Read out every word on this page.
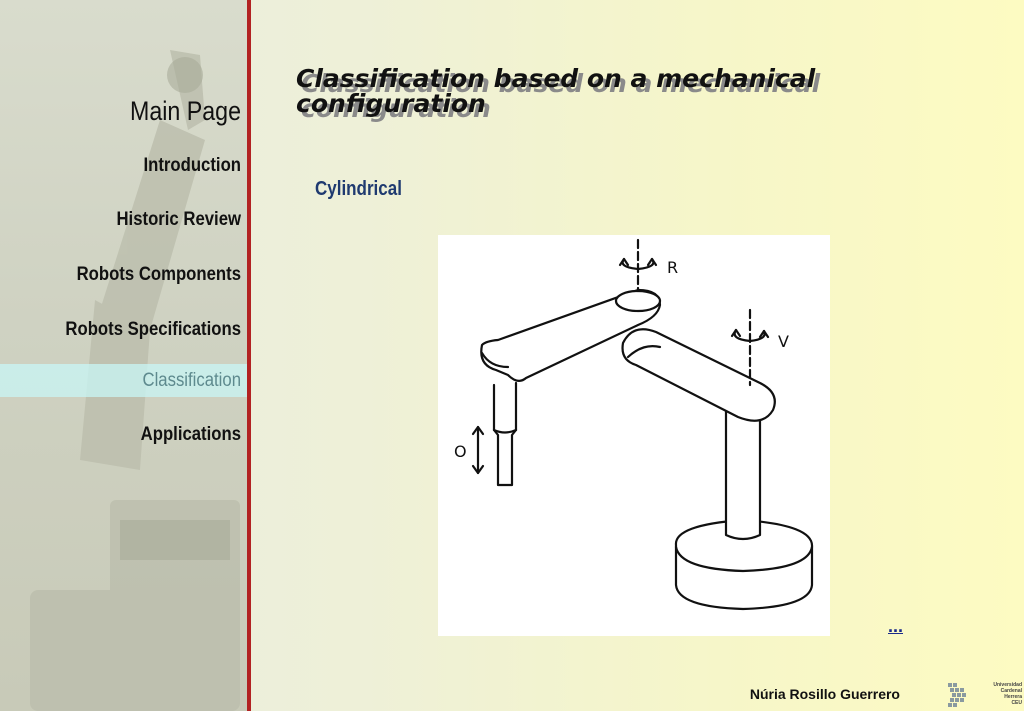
Main Page
Introduction
Historic Review
Robots Components
Robots Specifications
Classification
Applications
Classification based on a mechanical configuration
Cylindrical
R
V
O
...
Núria Rosillo Guerrero
Universidad
Cardenal
Herrera
CEU
